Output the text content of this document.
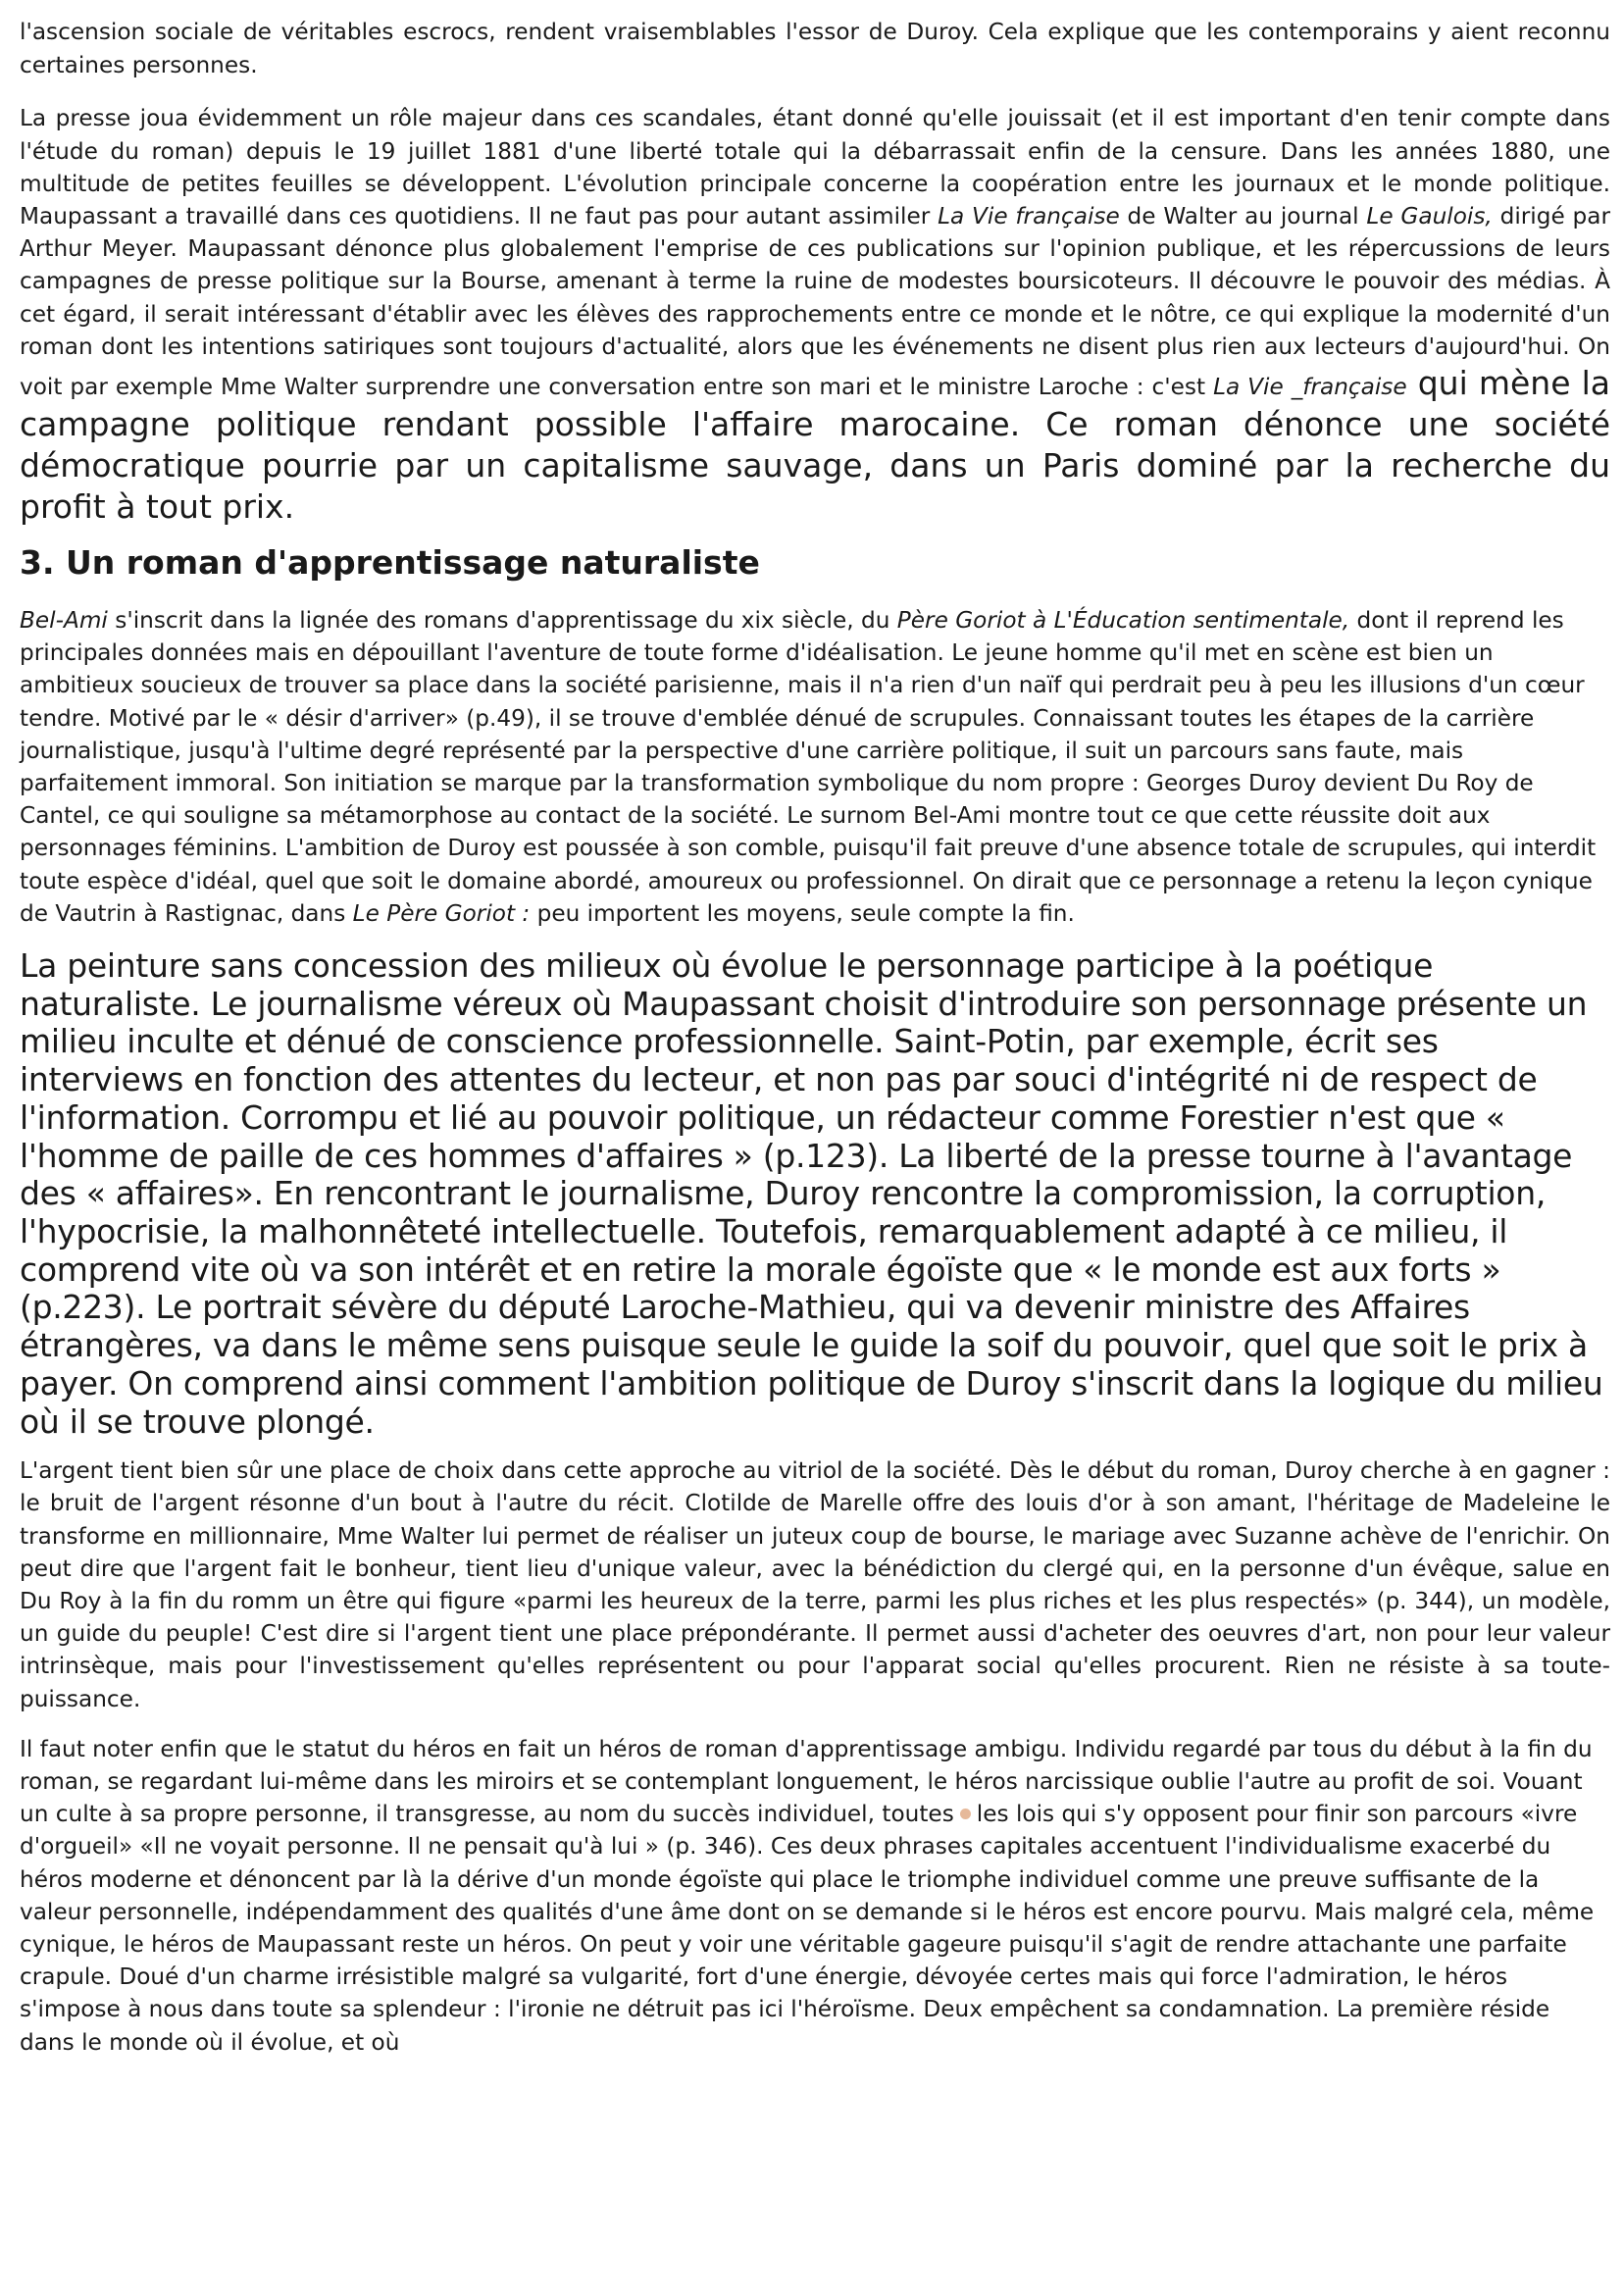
l'ascension sociale de véritables escrocs, rendent vraisemblables l'essor de Duroy. Cela explique que les contemporains y aient reconnu certaines personnes.

La presse joua évidemment un rôle majeur dans ces scandales, étant donné qu'elle jouissait (et il est important d'en tenir compte dans l'étude du roman) depuis le 19 juillet 1881 d'une liberté totale qui la débarrassait enfin de la censure. Dans les années 1880, une multitude de petites feuilles se développent. L'évolution principale concerne la coopération entre les journaux et le monde politique. Maupassant a travaillé dans ces quotidiens. Il ne faut pas pour autant assimiler La Vie française de Walter au journal Le Gaulois, dirigé par Arthur Meyer. Maupassant dénonce plus globalement l'emprise de ces publications sur l'opinion publique, et les répercussions de leurs campagnes de presse politique sur la Bourse, amenant à terme la ruine de modestes boursicoteurs. Il découvre le pouvoir des médias. À cet égard, il serait intéressant d'établir avec les élèves des rapprochements entre ce monde et le nôtre, ce qui explique la modernité d'un roman dont les intentions satiriques sont toujours d'actualité, alors que les événements ne disent plus rien aux lecteurs d'aujourd'hui. On voit par exemple Mme Walter surprendre une conversation entre son mari et le ministre Laroche : c'est La Vie _française qui mène la campagne politique rendant possible l'affaire marocaine. Ce roman dénonce une société démocratique pourrie par un capitalisme sauvage, dans un Paris dominé par la recherche du profit à tout prix.

3. Un roman d'apprentissage naturaliste

Bel-Ami s'inscrit dans la lignée des romans d'apprentissage du xix siècle, du Père Goriot à L'Éducation sentimentale, dont il reprend les principales données mais en dépouillant l'aventure de toute forme d'idéalisation. Le jeune homme qu'il met en scène est bien un ambitieux soucieux de trouver sa place dans la société parisienne, mais il n'a rien d'un naïf qui perdrait peu à peu les illusions d'un cœur tendre. Motivé par le « désir d'arriver» (p.49), il se trouve d'emblée dénué de scrupules. Connaissant toutes les étapes de la carrière journalistique, jusqu'à l'ultime degré représenté par la perspective d'une carrière politique, il suit un parcours sans faute, mais parfaitement immoral. Son initiation se marque par la transformation symbolique du nom propre : Georges Duroy devient Du Roy de Cantel, ce qui souligne sa métamorphose au contact de la société. Le surnom Bel-Ami montre tout ce que cette réussite doit aux personnages féminins. L'ambition de Duroy est poussée à son comble, puisqu'il fait preuve d'une absence totale de scrupules, qui interdit toute espèce d'idéal, quel que soit le domaine abordé, amoureux ou professionnel. On dirait que ce personnage a retenu la leçon cynique de Vautrin à Rastignac, dans Le Père Goriot : peu importent les moyens, seule compte la fin.

La peinture sans concession des milieux où évolue le personnage participe à la poétique naturaliste. Le journalisme véreux où Maupassant choisit d'introduire son personnage présente un milieu inculte et dénué de conscience professionnelle. Saint-Potin, par exemple, écrit ses interviews en fonction des attentes du lecteur, et non pas par souci d'intégrité ni de respect de l'information. Corrompu et lié au pouvoir politique, un rédacteur comme Forestier n'est que « l'homme de paille de ces hommes d'affaires » (p.123). La liberté de la presse tourne à l'avantage des « affaires». En rencontrant le journalisme, Duroy rencontre la compromission, la corruption, l'hypocrisie, la malhonnêteté intellectuelle. Toutefois, remarquablement adapté à ce milieu, il comprend vite où va son intérêt et en retire la morale égoïste que « le monde est aux forts » (p.223). Le portrait sévère du député Laroche-Mathieu, qui va devenir ministre des Affaires étrangères, va dans le même sens puisque seule le guide la soif du pouvoir, quel que soit le prix à payer. On comprend ainsi comment l'ambition politique de Duroy s'inscrit dans la logique du milieu où il se trouve plongé.

L'argent tient bien sûr une place de choix dans cette approche au vitriol de la société. Dès le début du roman, Duroy cherche à en gagner : le bruit de l'argent résonne d'un bout à l'autre du récit. Clotilde de Marelle offre des louis d'or à son amant, l'héritage de Madeleine le transforme en millionnaire, Mme Walter lui permet de réaliser un juteux coup de bourse, le mariage avec Suzanne achève de l'enrichir. On peut dire que l'argent fait le bonheur, tient lieu d'unique valeur, avec la bénédiction du clergé qui, en la personne d'un évêque, salue en Du Roy à la fin du romm un être qui figure «parmi les heureux de la terre, parmi les plus riches et les plus respectés» (p. 344), un modèle, un guide du peuple! C'est dire si l'argent tient une place prépondérante. Il permet aussi d'acheter des oeuvres d'art, non pour leur valeur intrinsèque, mais pour l'investissement qu'elles représentent ou pour l'apparat social qu'elles procurent. Rien ne résiste à sa toute-puissance.

Il faut noter enfin que le statut du héros en fait un héros de roman d'apprentissage ambigu. Individu regardé par tous du début à la fin du roman, se regardant lui-même dans les miroirs et se contemplant longuement, le héros narcissique oublie l'autre au profit de soi. Vouant un culte à sa propre personne, il transgresse, au nom du succès individuel, toutes les lois qui s'y opposent pour finir son parcours «ivre d'orgueil» «Il ne voyait personne. Il ne pensait qu'à lui » (p. 346). Ces deux phrases capitales accentuent l'individualisme exacerbé du héros moderne et dénoncent par là la dérive d'un monde égoïste qui place le triomphe individuel comme une preuve suffisante de la valeur personnelle, indépendamment des qualités d'une âme dont on se demande si le héros est encore pourvu. Mais malgré cela, même cynique, le héros de Maupassant reste un héros. On peut y voir une véritable gageure puisqu'il s'agit de rendre attachante une parfaite crapule. Doué d'un charme irrésistible malgré sa vulgarité, fort d'une énergie, dévoyée certes mais qui force l'admiration, le héros s'impose à nous dans toute sa splendeur : l'ironie ne détruit pas ici l'héroïsme. Deux empêchent sa condamnation. La première réside dans le monde où il évolue, et où
